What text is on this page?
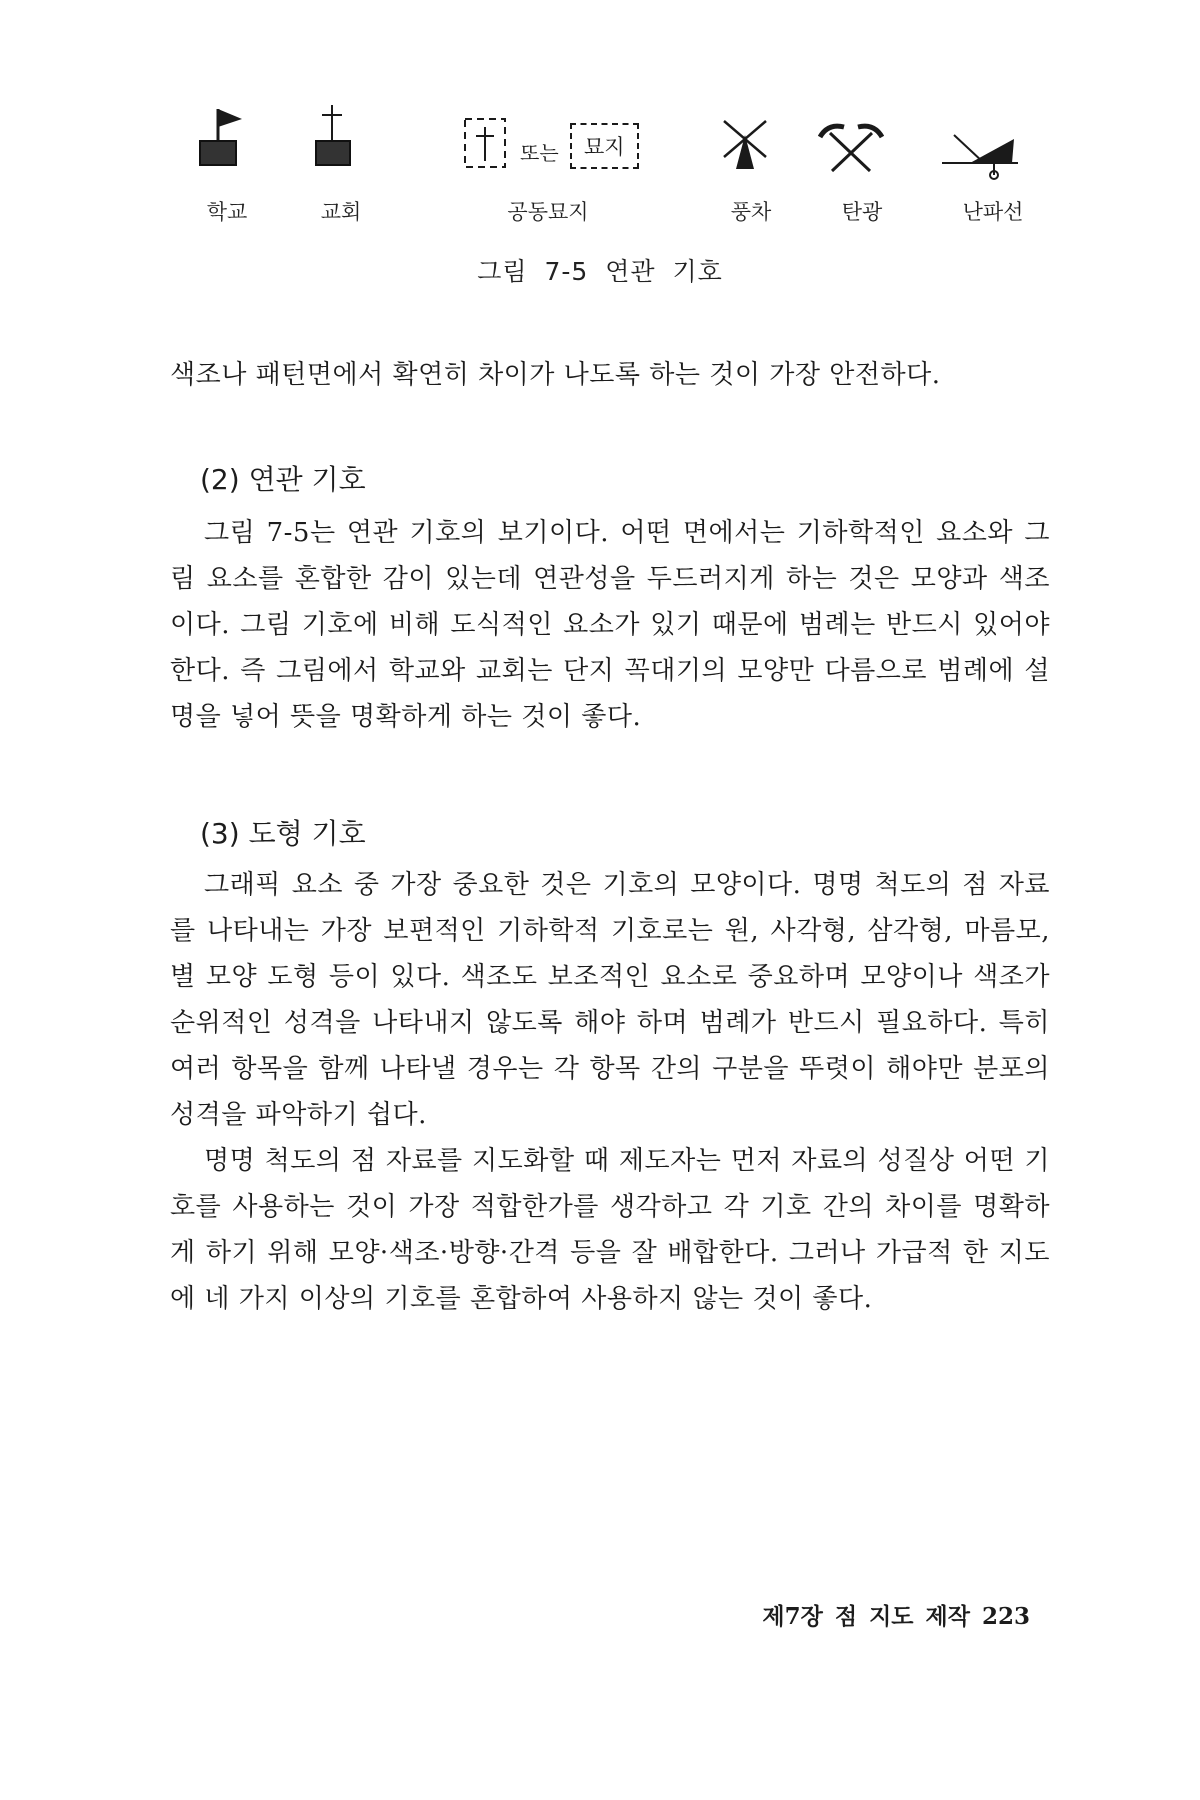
또는	묘지
학교	교회	공동묘지	풍차	탄광	난파선
그림 7-5 연관 기호

색조나 패턴면에서 확연히 차이가 나도록 하는 것이 가장 안전하다.

(2) 연관 기호

그림 7-5는 연관 기호의 보기이다. 어떤 면에서는 기하학적인 요소와 그림 요소를 혼합한 감이 있는데 연관성을 두드러지게 하는 것은 모양과 색조이다. 그림 기호에 비해 도식적인 요소가 있기 때문에 범례는 반드시 있어야 한다. 즉 그림에서 학교와 교회는 단지 꼭대기의 모양만 다름으로 범례에 설명을 넣어 뜻을 명확하게 하는 것이 좋다.

(3) 도형 기호

그래픽 요소 중 가장 중요한 것은 기호의 모양이다. 명명 척도의 점 자료를 나타내는 가장 보편적인 기하학적 기호로는 원, 사각형, 삼각형, 마름모, 별 모양 도형 등이 있다. 색조도 보조적인 요소로 중요하며 모양이나 색조가 순위적인 성격을 나타내지 않도록 해야 하며 범례가 반드시 필요하다. 특히 여러 항목을 함께 나타낼 경우는 각 항목 간의 구분을 뚜렷이 해야만 분포의 성격을 파악하기 쉽다.

명명 척도의 점 자료를 지도화할 때 제도자는 먼저 자료의 성질상 어떤 기호를 사용하는 것이 가장 적합한가를 생각하고 각 기호 간의 차이를 명확하게 하기 위해 모양·색조·방향·간격 등을 잘 배합한다. 그러나 가급적 한 지도에 네 가지 이상의 기호를 혼합하여 사용하지 않는 것이 좋다.

제7장 점 지도 제작 223
